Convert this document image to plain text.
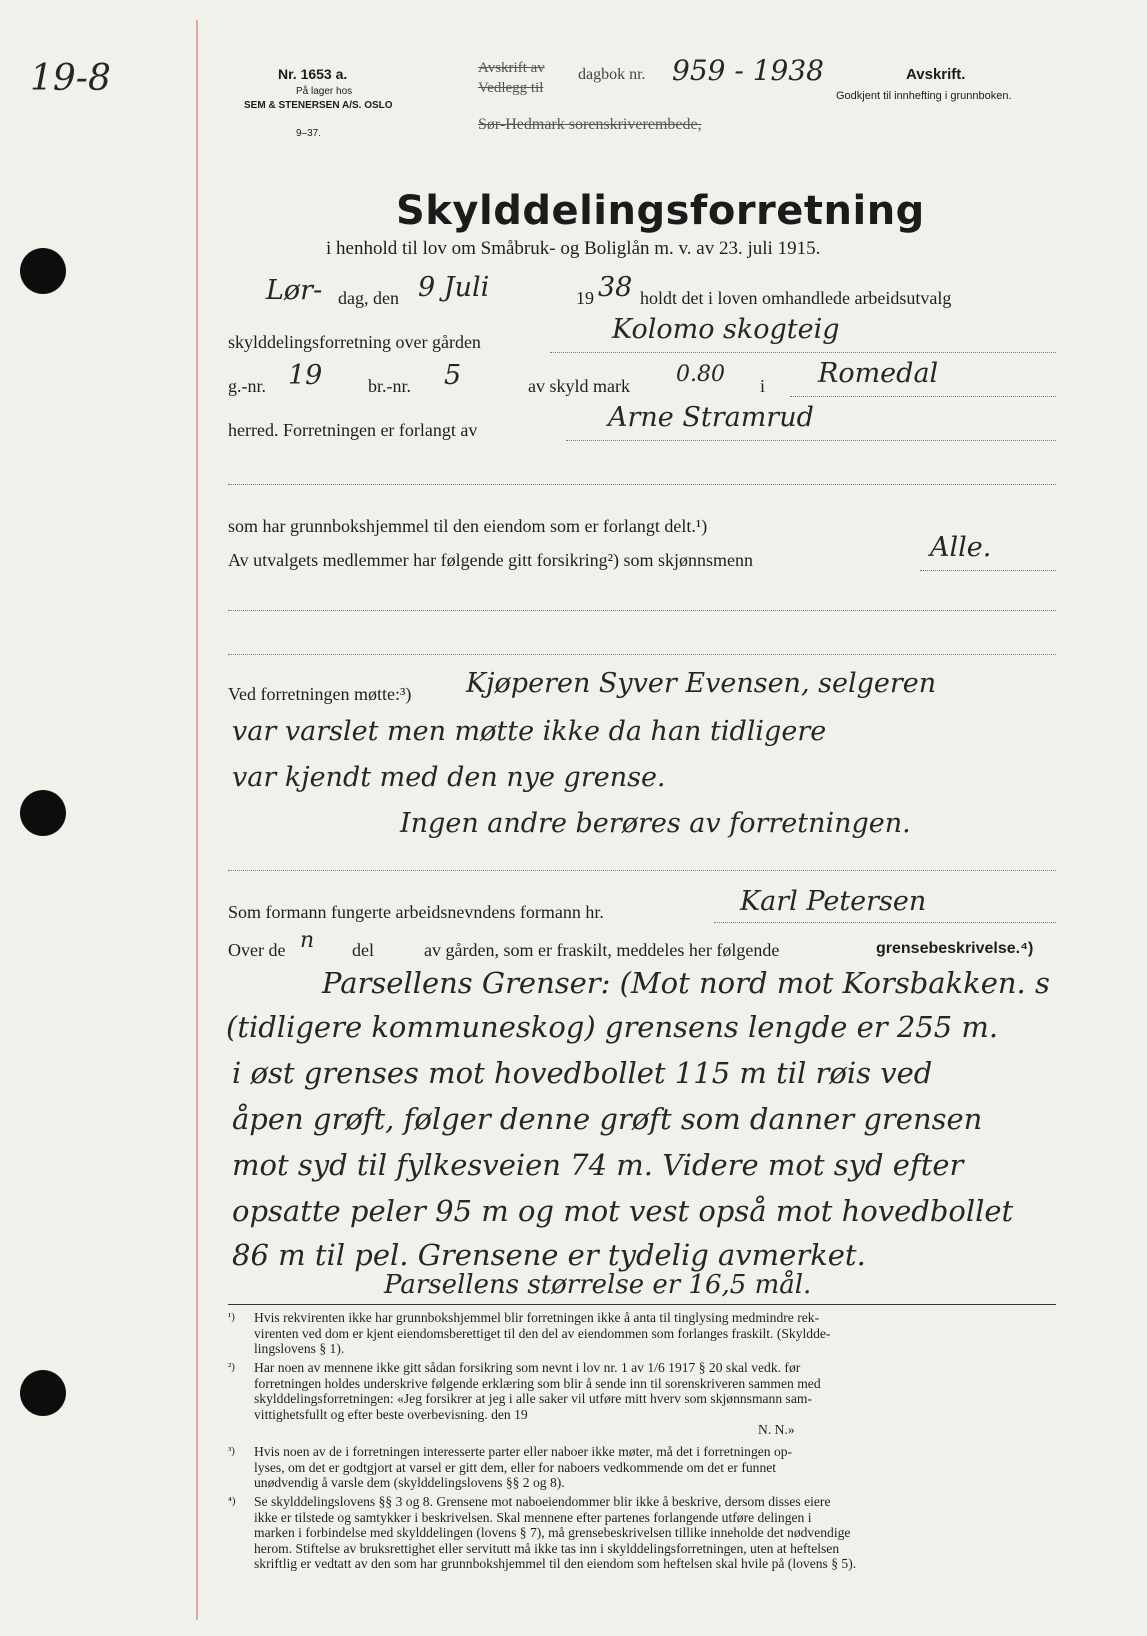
19-8	Nr. 1653 a.
På lager hos
SEM & STENERSEN A/S. OSLO
9–37.
Avskrift av
Vedlegg til
dagbok nr. 959 - 1938
Sør-Hedmark sorenskriverembede,
Avskrift.
Godkjent til innhefting i grunnboken.
Skylddelingsforretning
i henhold til lov om Småbruk- og Boliglån m. v. av 23. juli 1915.
Lør- dag, den 9 Juli	19 38 holdt det i loven omhandlede arbeidsutvalg
skylddelingsforretning over gården	Kolomo skogteig
g.-nr. 19	br.-nr. 5	av skyld mark 0.80 i Romedal
herred. Forretningen er forlangt av	Arne Stramrud
som har grunnbokshjemmel til den eiendom som er forlangt delt.¹)
Av utvalgets medlemmer har følgende gitt forsikring²) som skjønnsmenn	Alle.
Ved forretningen møtte:³) Kjøperen Syver Evensen, selgeren
var varslet men møtte ikke da han tidligere
var kjendt med den nye grense.
Ingen andre berøres av forretningen.
Som formann fungerte arbeidsnevndens formann hr.	Karl Petersen
Over de n del	av gården, som er fraskilt, meddeles her følgende	grensebeskrivelse.⁴)
Parsellens Grenser: (Mot nord mot Korsbakken. s
(tidligere kommuneskog) grensens lengde er 255 m.
i øst grenses mot hovedbollet 115 m til røis ved
åpen grøft, følger denne grøft som danner grensen
mot syd til fylkesveien 74 m. Videre mot syd efter
opsatte peler 95 m og mot vest opså mot hovedbollet
86 m til pel. Grensene er tydelig avmerket.
Parsellens størrelse er 16,5 mål.
¹) Hvis rekvirenten ikke har grunnbokshjemmel blir forretningen ikke å anta til tinglysing medmindre rek-
virenten ved dom er kjent eiendomsberettiget til den del av eiendommen som forlanges fraskilt. (Skyldde-
lingslovens § 1).
²) Har noen av mennene ikke gitt sådan forsikring som nevnt i lov nr. 1 av 1/6 1917 § 20 skal vedk. før
forretningen holdes underskrive følgende erklæring som blir å sende inn til sorenskriveren sammen med
skylddelingsforretningen: «Jeg forsikrer at jeg i alle saker vil utføre mitt hverv som skjønnsmann sam-
vittighetsfullt og efter beste overbevisning. den 19
N. N.»
³) Hvis noen av de i forretningen interesserte parter eller naboer ikke møter, må det i forretningen op-
lyses, om det er godtgjort at varsel er gitt dem, eller for naboers vedkommende om det er funnet
unødvendig å varsle dem (skylddelingslovens §§ 2 og 8).
⁴) Se skylddelingslovens §§ 3 og 8. Grensene mot naboeiendommer blir ikke å beskrive, dersom disses eiere
ikke er tilstede og samtykker i beskrivelsen. Skal mennene efter partenes forlangende utføre delingen i
marken i forbindelse med skylddelingen (lovens § 7), må grensebeskrivelsen tillike inneholde det nødvendige
herom. Stiftelse av bruksrettighet eller servitutt må ikke tas inn i skylddelingsforretningen, uten at heftelsen
skriftlig er vedtatt av den som har grunnbokshjemmel til den eiendom som heftelsen skal hvile på (lovens § 5).
